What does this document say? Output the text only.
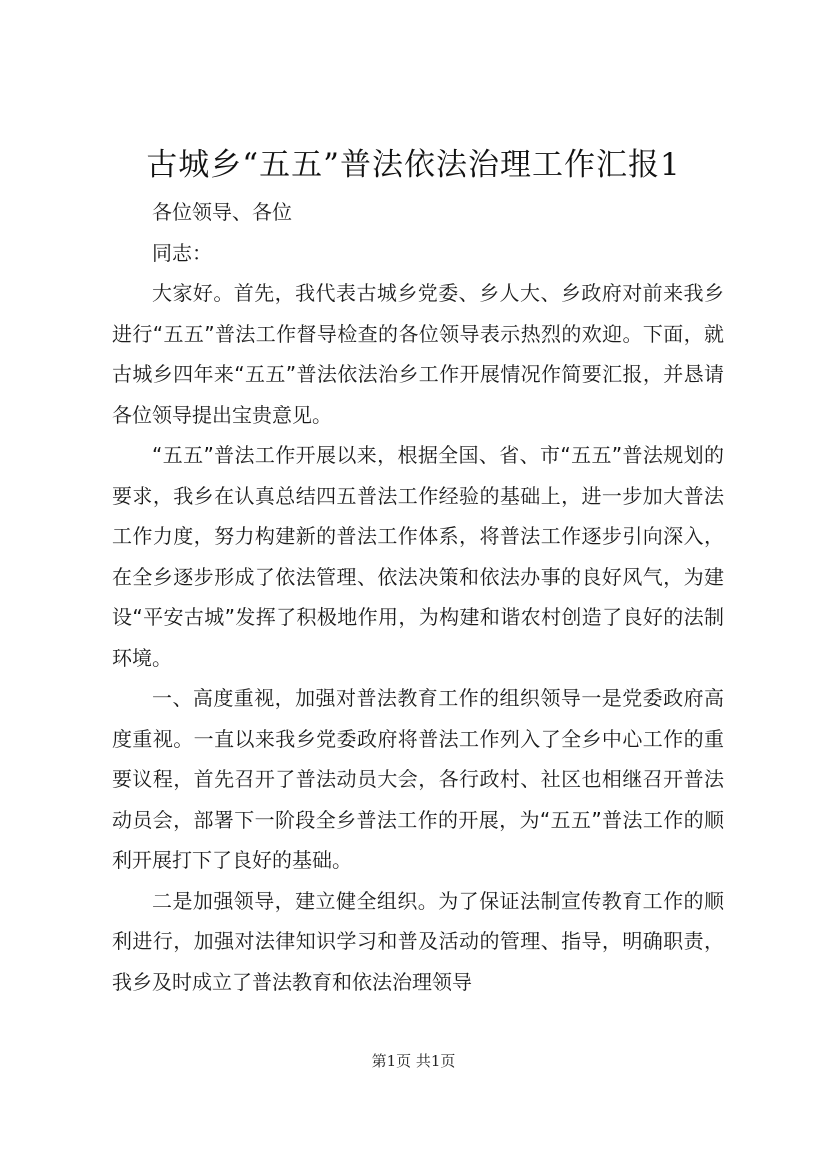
古城乡“五五”普法依法治理工作汇报1

各位领导、各位

同志：

大家好。首先，我代表古城乡党委、乡人大、乡政府对前来我乡进行“五五”普法工作督导检查的各位领导表示热烈的欢迎。下面，就古城乡四年来“五五”普法依法治乡工作开展情况作简要汇报，并恳请各位领导提出宝贵意见。

“五五”普法工作开展以来，根据全国、省、市“五五”普法规划的要求，我乡在认真总结四五普法工作经验的基础上，进一步加大普法工作力度，努力构建新的普法工作体系，将普法工作逐步引向深入，在全乡逐步形成了依法管理、依法决策和依法办事的良好风气，为建设“平安古城”发挥了积极地作用，为构建和谐农村创造了良好的法制环境。

一、高度重视，加强对普法教育工作的组织领导一是党委政府高度重视。一直以来我乡党委政府将普法工作列入了全乡中心工作的重要议程，首先召开了普法动员大会，各行政村、社区也相继召开普法动员会，部署下一阶段全乡普法工作的开展，为“五五”普法工作的顺利开展打下了良好的基础。

二是加强领导，建立健全组织。为了保证法制宣传教育工作的顺利进行，加强对法律知识学习和普及活动的管理、指导，明确职责，我乡及时成立了普法教育和依法治理领导

第1页 共1页
